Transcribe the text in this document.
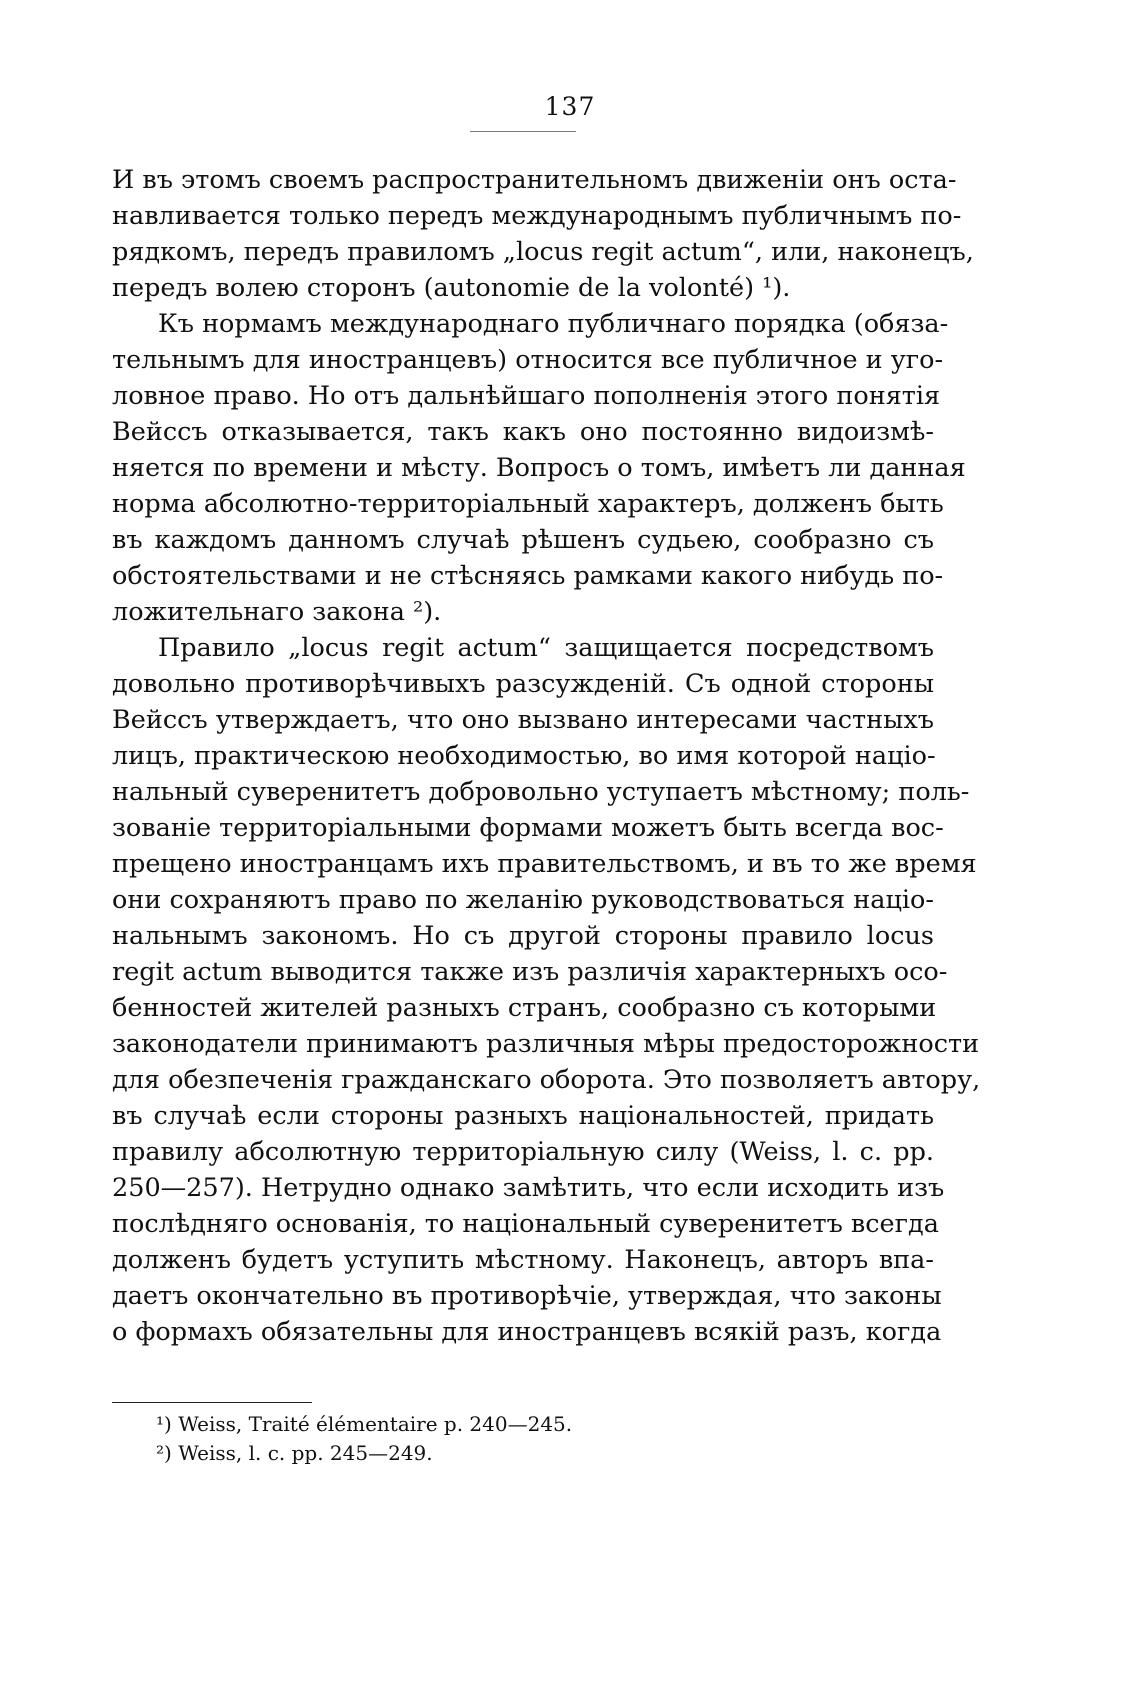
137
И въ этомъ своемъ распространительномъ движенiи онъ оста-
навливается только передъ международнымъ публичнымъ по-
рядкомъ, передъ правиломъ „locus regit actum“, или, наконецъ,
передъ волею сторонъ (autonomie de la volonté) ¹).
Къ нормамъ международнаго публичнаго порядка (обяза-
тельнымъ для иностранцевъ) относится все публичное и уго-
ловное право. Но отъ дальнѣйшаго пополненiя этого понятiя
Вейссъ отказывается, такъ какъ оно постоянно видоизмѣ-
няется по времени и мѣсту. Вопросъ о томъ, имѣетъ ли данная
норма абсолютно-территорiальный характеръ, долженъ быть
въ каждомъ данномъ случаѣ рѣшенъ судьею, сообразно съ
обстоятельствами и не стѣсняясь рамками какого нибудь по-
ложительнаго закона ²).
Правило „locus regit actum“ защищается посредствомъ
довольно противорѣчивыхъ разсужденiй. Съ одной стороны
Вейссъ утверждаетъ, что оно вызвано интересами частныхъ
лицъ, практическою необходимостью, во имя которой нацiо-
нальный суверенитетъ добровольно уступаетъ мѣстному; поль-
зованiе территорiальными формами можетъ быть всегда вос-
прещено иностранцамъ ихъ правительствомъ, и въ то же время
они сохраняютъ право по желанiю руководствоваться нацiо-
нальнымъ закономъ. Но съ другой стороны правило locus
regit actum выводится также изъ различiя характерныхъ осо-
бенностей жителей разныхъ странъ, сообразно съ которыми
законодатели принимаютъ различныя мѣры предосторожности
для обезпеченiя гражданскаго оборота. Это позволяетъ автору,
въ случаѣ если стороны разныхъ нацiональностей, придать
правилу абсолютную территорiальную силу (Weiss, l. c. pp.
250—257). Нетрудно однако замѣтить, что если исходить изъ
послѣдняго основанiя, то нацiональный суверенитетъ всегда
долженъ будетъ уступить мѣстному. Наконецъ, авторъ впа-
даетъ окончательно въ противорѣчiе, утверждая, что законы
о формахъ обязательны для иностранцевъ всякiй разъ, когда
¹) Weiss, Traité élémentaire p. 240—245.
²) Weiss, l. c. pp. 245—249.
